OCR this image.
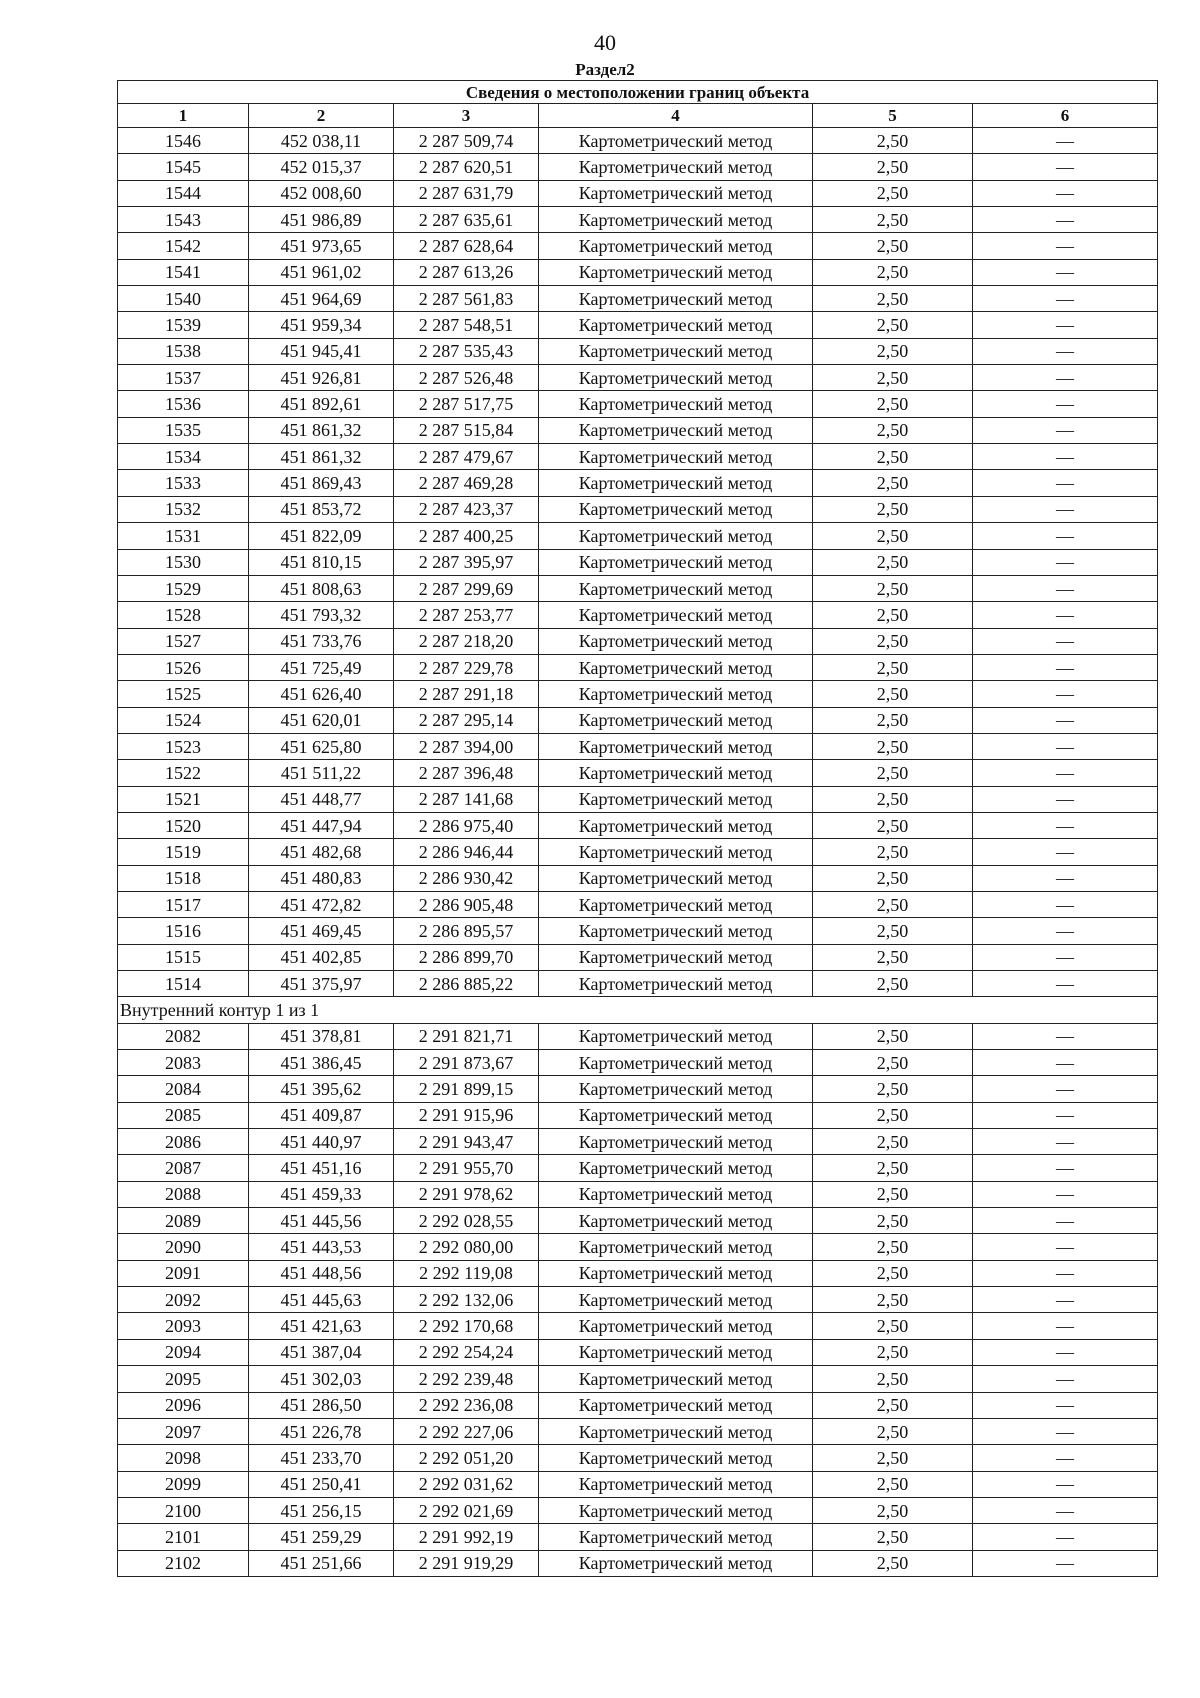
40
Раздел2
Сведения о местоположении границ объекта					
1	2	3	4	5	6
1546	452 038,11	2 287 509,74	Картометрический метод	2,50	—
1545	452 015,37	2 287 620,51	Картометрический метод	2,50	—
1544	452 008,60	2 287 631,79	Картометрический метод	2,50	—
1543	451 986,89	2 287 635,61	Картометрический метод	2,50	—
1542	451 973,65	2 287 628,64	Картометрический метод	2,50	—
1541	451 961,02	2 287 613,26	Картометрический метод	2,50	—
1540	451 964,69	2 287 561,83	Картометрический метод	2,50	—
1539	451 959,34	2 287 548,51	Картометрический метод	2,50	—
1538	451 945,41	2 287 535,43	Картометрический метод	2,50	—
1537	451 926,81	2 287 526,48	Картометрический метод	2,50	—
1536	451 892,61	2 287 517,75	Картометрический метод	2,50	—
1535	451 861,32	2 287 515,84	Картометрический метод	2,50	—
1534	451 861,32	2 287 479,67	Картометрический метод	2,50	—
1533	451 869,43	2 287 469,28	Картометрический метод	2,50	—
1532	451 853,72	2 287 423,37	Картометрический метод	2,50	—
1531	451 822,09	2 287 400,25	Картометрический метод	2,50	—
1530	451 810,15	2 287 395,97	Картометрический метод	2,50	—
1529	451 808,63	2 287 299,69	Картометрический метод	2,50	—
1528	451 793,32	2 287 253,77	Картометрический метод	2,50	—
1527	451 733,76	2 287 218,20	Картометрический метод	2,50	—
1526	451 725,49	2 287 229,78	Картометрический метод	2,50	—
1525	451 626,40	2 287 291,18	Картометрический метод	2,50	—
1524	451 620,01	2 287 295,14	Картометрический метод	2,50	—
1523	451 625,80	2 287 394,00	Картометрический метод	2,50	—
1522	451 511,22	2 287 396,48	Картометрический метод	2,50	—
1521	451 448,77	2 287 141,68	Картометрический метод	2,50	—
1520	451 447,94	2 286 975,40	Картометрический метод	2,50	—
1519	451 482,68	2 286 946,44	Картометрический метод	2,50	—
1518	451 480,83	2 286 930,42	Картометрический метод	2,50	—
1517	451 472,82	2 286 905,48	Картометрический метод	2,50	—
1516	451 469,45	2 286 895,57	Картометрический метод	2,50	—
1515	451 402,85	2 286 899,70	Картометрический метод	2,50	—
1514	451 375,97	2 286 885,22	Картометрический метод	2,50	—
Внутренний контур 1 из 1					
2082	451 378,81	2 291 821,71	Картометрический метод	2,50	—
2083	451 386,45	2 291 873,67	Картометрический метод	2,50	—
2084	451 395,62	2 291 899,15	Картометрический метод	2,50	—
2085	451 409,87	2 291 915,96	Картометрический метод	2,50	—
2086	451 440,97	2 291 943,47	Картометрический метод	2,50	—
2087	451 451,16	2 291 955,70	Картометрический метод	2,50	—
2088	451 459,33	2 291 978,62	Картометрический метод	2,50	—
2089	451 445,56	2 292 028,55	Картометрический метод	2,50	—
2090	451 443,53	2 292 080,00	Картометрический метод	2,50	—
2091	451 448,56	2 292 119,08	Картометрический метод	2,50	—
2092	451 445,63	2 292 132,06	Картометрический метод	2,50	—
2093	451 421,63	2 292 170,68	Картометрический метод	2,50	—
2094	451 387,04	2 292 254,24	Картометрический метод	2,50	—
2095	451 302,03	2 292 239,48	Картометрический метод	2,50	—
2096	451 286,50	2 292 236,08	Картометрический метод	2,50	—
2097	451 226,78	2 292 227,06	Картометрический метод	2,50	—
2098	451 233,70	2 292 051,20	Картометрический метод	2,50	—
2099	451 250,41	2 292 031,62	Картометрический метод	2,50	—
2100	451 256,15	2 292 021,69	Картометрический метод	2,50	—
2101	451 259,29	2 291 992,19	Картометрический метод	2,50	—
2102	451 251,66	2 291 919,29	Картометрический метод	2,50	—
